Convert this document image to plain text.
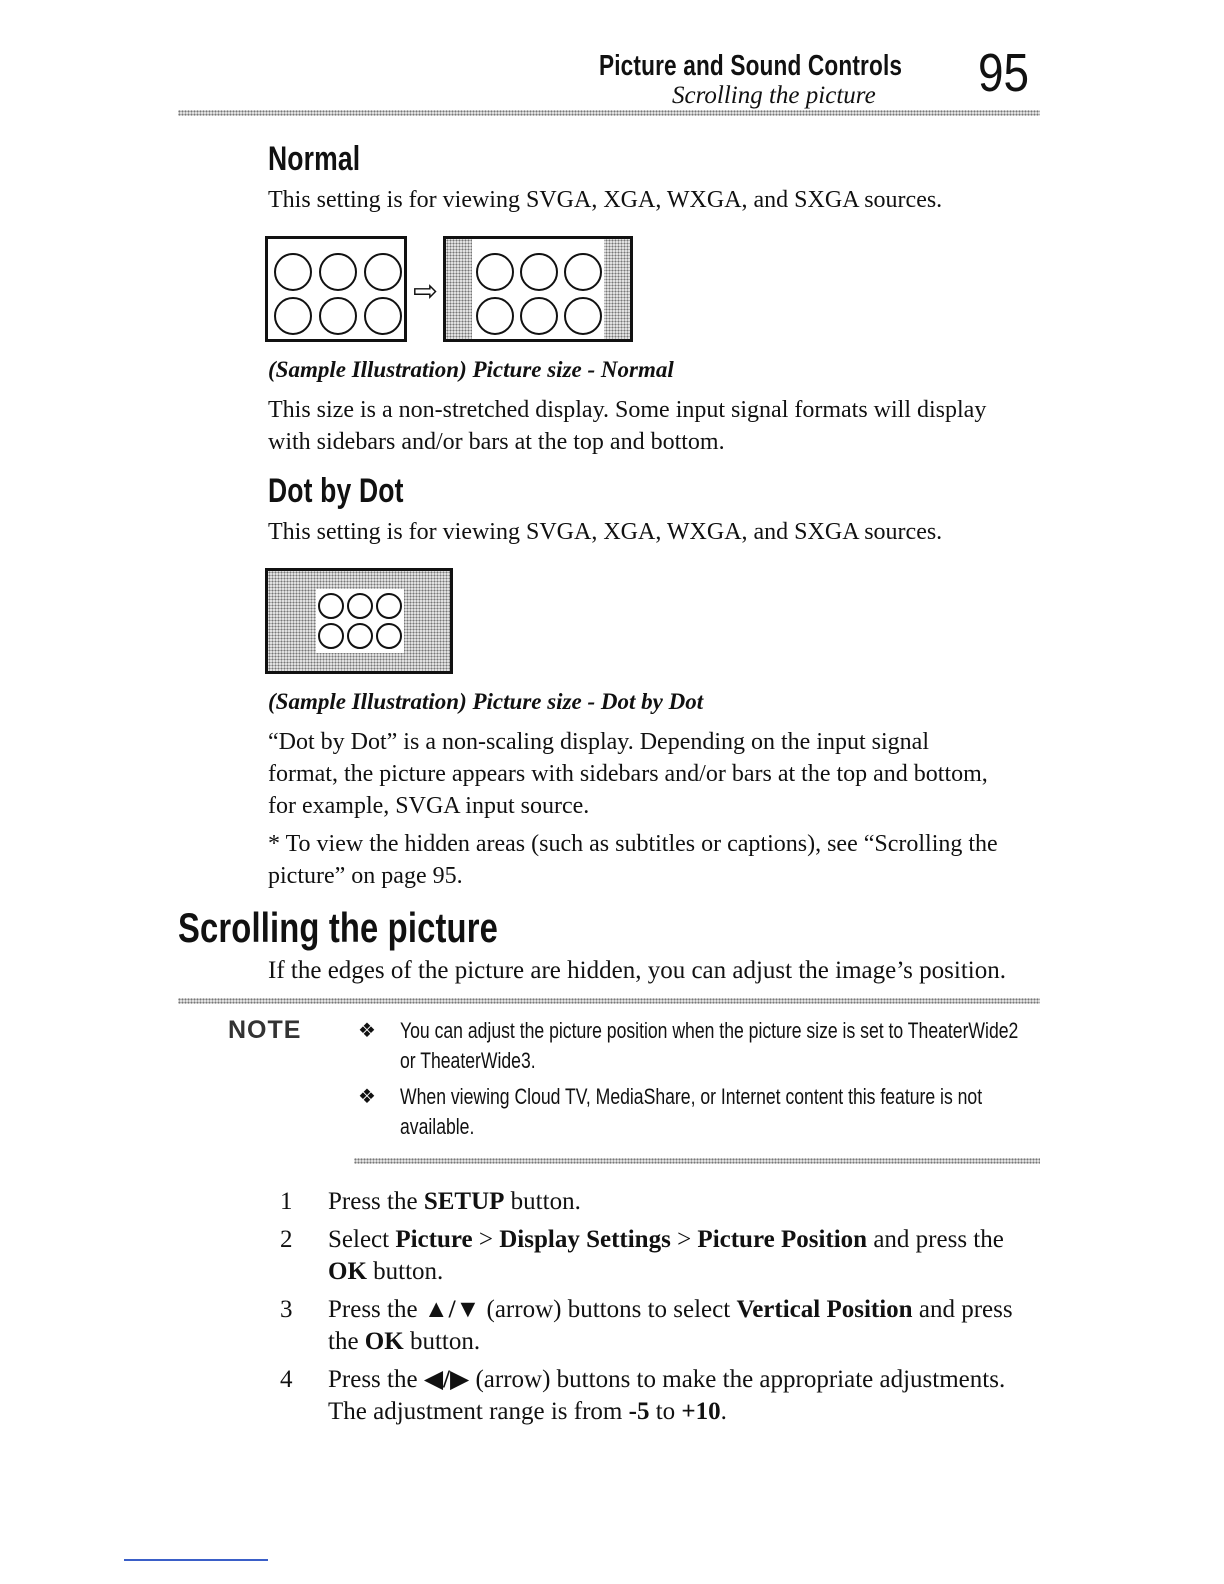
Picture and Sound Controls
Scrolling the picture 95
Normal
This setting is for viewing SVGA, XGA, WXGA, and SXGA sources.
⇨
(Sample Illustration) Picture size - Normal
This size is a non-stretched display. Some input signal formats will display with sidebars and/or bars at the top and bottom.
Dot by Dot
This setting is for viewing SVGA, XGA, WXGA, and SXGA sources.
(Sample Illustration) Picture size - Dot by Dot
“Dot by Dot” is a non-scaling display. Depending on the input signal format, the picture appears with sidebars and/or bars at the top and bottom, for example, SVGA input source.
* To view the hidden areas (such as subtitles or captions), see “Scrolling the picture” on page 95.
Scrolling the picture
If the edges of the picture are hidden, you can adjust the image’s position.
NOTE	❖ You can adjust the picture position when the picture size is set to TheaterWide2 or TheaterWide3.
❖ When viewing Cloud TV, MediaShare, or Internet content this feature is not available.
1 Press the SETUP button.
2 Select Picture > Display Settings > Picture Position and press the OK button.
3 Press the ▲/▼ (arrow) buttons to select Vertical Position and press the OK button.
4 Press the ◀/▶ (arrow) buttons to make the appropriate adjustments. The adjustment range is from -5 to +10.
